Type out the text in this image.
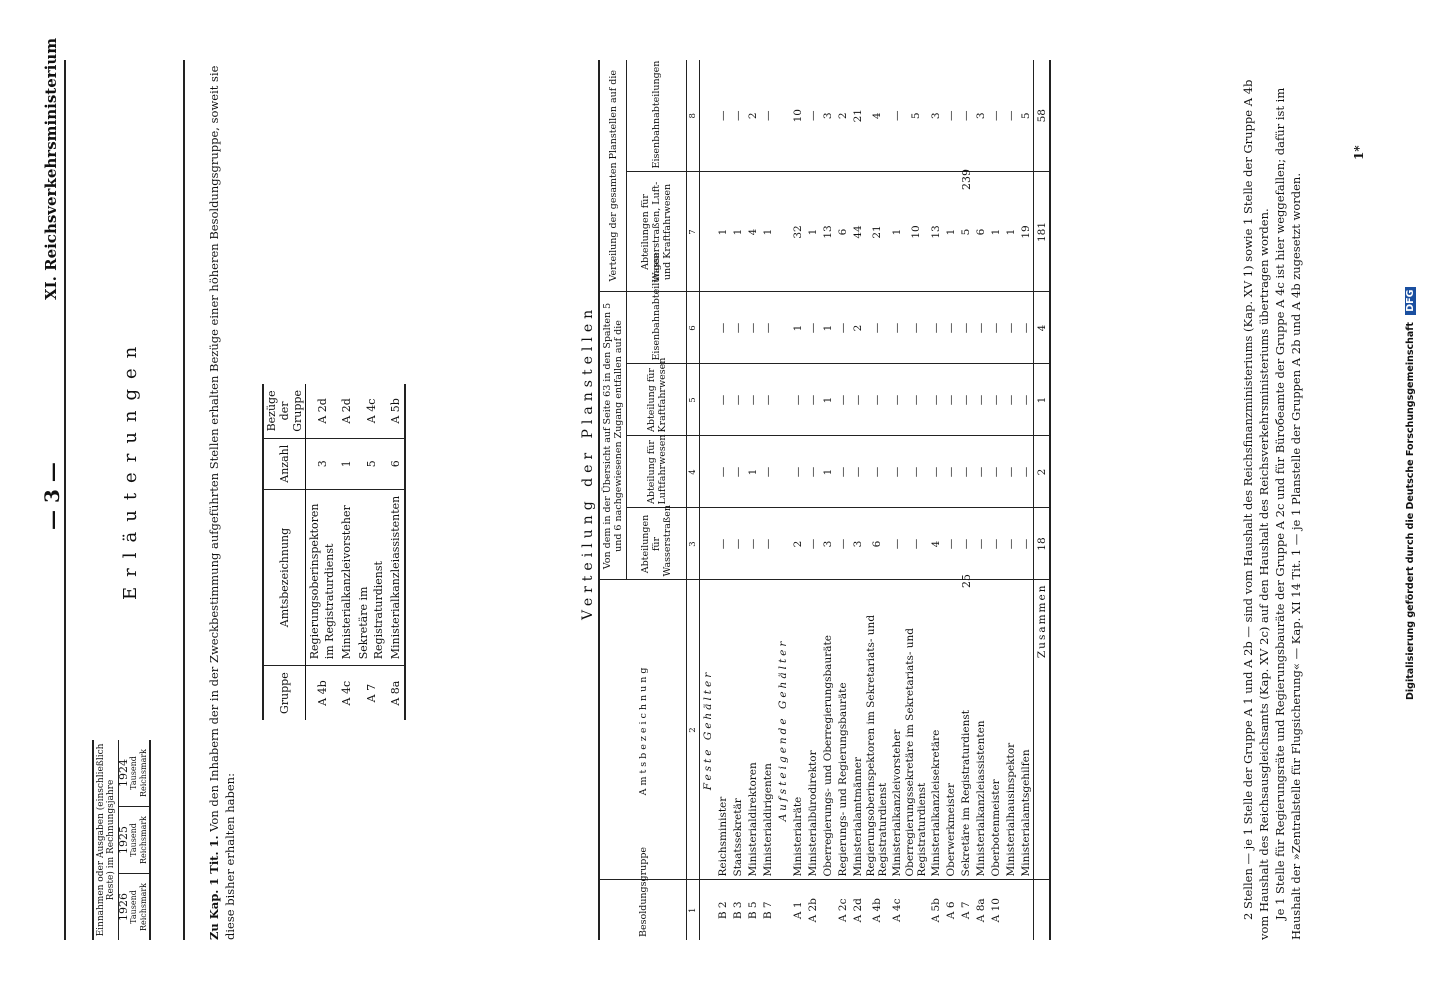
— 3 —
XI. Reichsverkehrsministerium
Einnahmen oder Ausgaben (einschließlich Reste) im Rechnungsjahre
1926 Tausend Reichsmark
1925 Tausend Reichsmark
1924 Tausend Reichsmark
Erläuterungen
Zu Kap. 1 Tit. 1. Von den Inhabern der in der Zweckbestimmung aufgeführten Stellen erhalten Bezüge einer höheren Besoldungsgruppe, soweit sie diese bisher erhalten haben:
Gruppe	Amtsbezeichnung	Anzahl	Bezüge der Gruppe
A 4b	Regierungsoberinspektoren im Registraturdienst	3	A 2d
A 4c	Ministerialkanzleivorsteher	1	A 2d
A 7	Sekretäre im Registraturdienst	5	A 4c
A 8a	Ministerialkanzleiassistenten	6	A 5b	Verteilung der Planstellen
Besoldungsgruppe	Amtsbezeichnung	Von dem in der Übersicht auf Seite 63 in den Spalten 5 und 6 nachgewiesenen Zugang entfallen auf die				Verteilung der gesamten Planstellen auf die	
		Abteilungen für Wasserstraßen	Abteilung für Luftfahrwesen	Abteilung für Kraftfahrwesen	Eisenbahnabteilungen	Abteilungen für Wasserstraßen, Luft- und Kraftfahrwesen	Eisenbahnabteilungen
1	2	3	4	5	6	7	8
	Feste Gehälter						
B 2	Reichsminister	—	—	—	—	1	—
B 3	Staatssekretär	—	—	—	—	1	—
B 5	Ministerialdirektoren	—	1	—	—	4	2
B 7	Ministerialdirigenten	—	—	—	—	1	—
	Aufsteigende Gehälter						
A 1	Ministerialräte	2	—	—	1	32	10
A 2b	Ministerialbürodirektor	—	—	—	—	1	—
	Oberregierungs- und Oberregierungsbauräte	3	1	1	1	13	3
A 2c	Regierungs- und Regierungsbauräte	—	—	—	—	6	2
A 2d	Ministerialamtmänner	3	—	—	2	44	21
A 4b	Regierungsoberinspektoren im Sekretariats- und Registraturdienst	6	—	—	—	21	4
A 4c	Ministerialkanzleivorsteher	—	—	—	—	1	—
	Oberregierungssekretäre im Sekretariats- und Registraturdienst	—	—	—	—	10	5
A 5b	Ministerialkanzleisekretäre	4	—	—	—	13	3
A 6	Oberwerkmeister	—	—	—	—	1	—
A 7	Sekretäre im Registraturdienst	—	—	—	—	5	—
A 8a	Ministerialkanzleiassistenten	—	—	—	—	6	3
A 10	Oberbotenmeister	—	—	—	—	1	—
	Ministerialhausinspektor	—	—	—	—	1	—
	Ministerialamtsgehilfen	—	—	—	—	19	5
	Zusammen	18	2	1	4	181	58
25
239	2 Stellen — je 1 Stelle der Gruppe A 1 und A 2b — sind vom Haushalt des Reichsfinanzministeriums (Kap. XV 1) sowie 1 Stelle der Gruppe A 4b vom Haushalt des Reichsausgleichsamts (Kap. XV 2c) auf den Haushalt des Reichsverkehrsministeriums übertragen worden. Je 1 Stelle für Regierungsräte und Regierungsbauräte der Gruppe A 2c und für Büroбeamte der Gruppe A 4c ist hier weggefallen; dafür ist im Haushalt der »Zentralstelle für Flugsicherung« — Kap. XI 14 Tit. 1 — je 1 Planstelle der Gruppen A 2b und A 4b zugesetzt worden.

1*
Digitalisierung gefördert durch die Deutsche Forschungsgemeinschaft DFG
